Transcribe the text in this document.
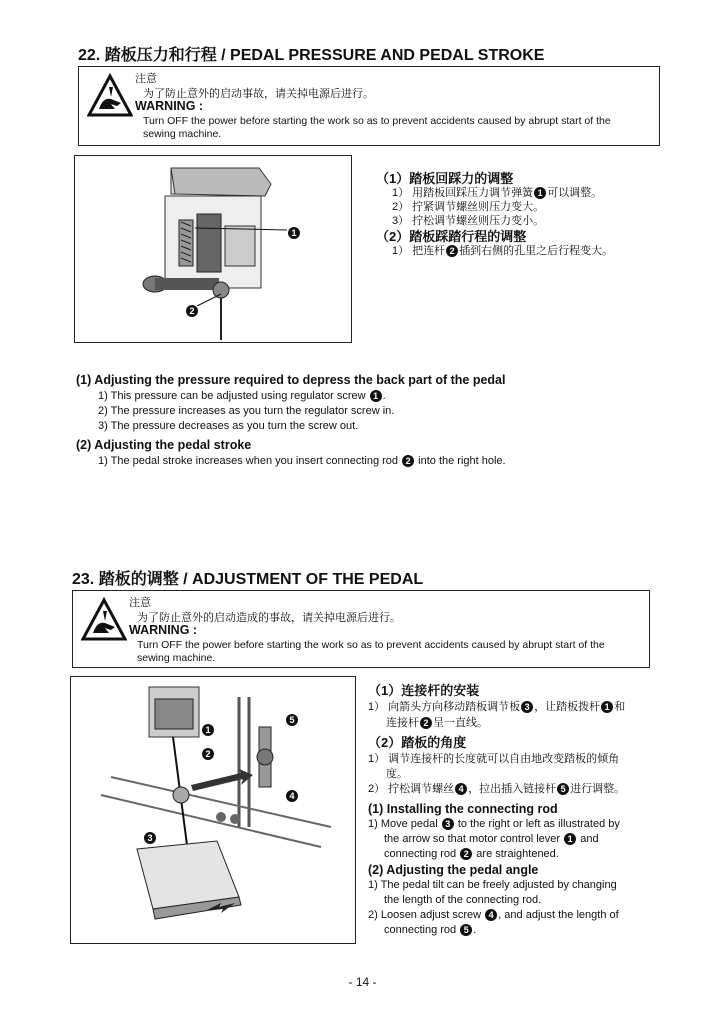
22. 踏板压力和行程 / PEDAL PRESSURE AND PEDAL STROKE
注意
为了防止意外的启动事故，请关掉电源后进行。
WARNING :
Turn OFF the power before starting the work so as to prevent accidents caused by abrupt start of the
sewing machine.
1
2
（1）踏板回踩力的调整
1） 用踏板回踩压力调节弹簧 1 可以调整。
2） 拧紧调节螺丝则压力变大。
3） 拧松调节螺丝则压力变小。
（2）踏板踩踏行程的调整
1） 把连杆 2 插到右侧的孔里之后行程变大。
(1) Adjusting the pressure required to depress the back part of the pedal
1) This pressure can be adjusted using regulator screw 1 .
2) The pressure increases as you turn the regulator screw in.
3) The pressure decreases as you turn the screw out.
(2) Adjusting the pedal stroke
1) The pedal stroke increases when you insert connecting rod 2 into the right hole.
23. 踏板的调整 / ADJUSTMENT OF THE PEDAL
注意
为了防止意外的启动造成的事故，请关掉电源后进行。
WARNING :
Turn OFF the power before starting the work so as to prevent accidents caused by abrupt start of the
sewing machine.
1
2
3
4
5
（1）连接杆的安装
1） 向箭头方向移动踏板调节板 3 ，让踏板拨杆 1 和
连接杆 2 呈一直线。
（2）踏板的角度
1） 调节连接杆的长度就可以自由地改变踏板的倾角
度。
2） 拧松调节螺丝 4 ，拉出插入链接杆 5 进行调整。
(1) Installing the connecting rod
1) Move pedal 3 to the right or left as illustrated by
the arrow so that motor control lever 1 and
connecting rod 2 are straightened.
(2) Adjusting the pedal angle
1) The pedal tilt can be freely adjusted by changing
the length of the connecting rod.
2) Loosen adjust screw 4 , and adjust the length of
connecting rod 5 .
- 14 -
